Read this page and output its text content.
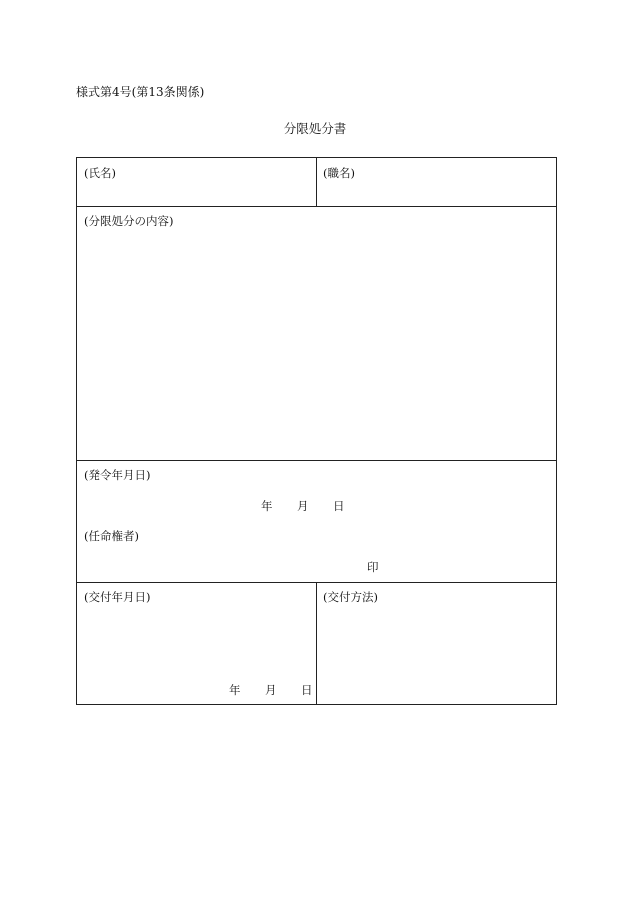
様式第4号(第13条関係)
分限処分書
(氏名)	(職名)
(分限処分の内容)
(発令年月日)
年 月 日
(任命権者)
印
(交付年月日)
年 月 日
(交付方法)
